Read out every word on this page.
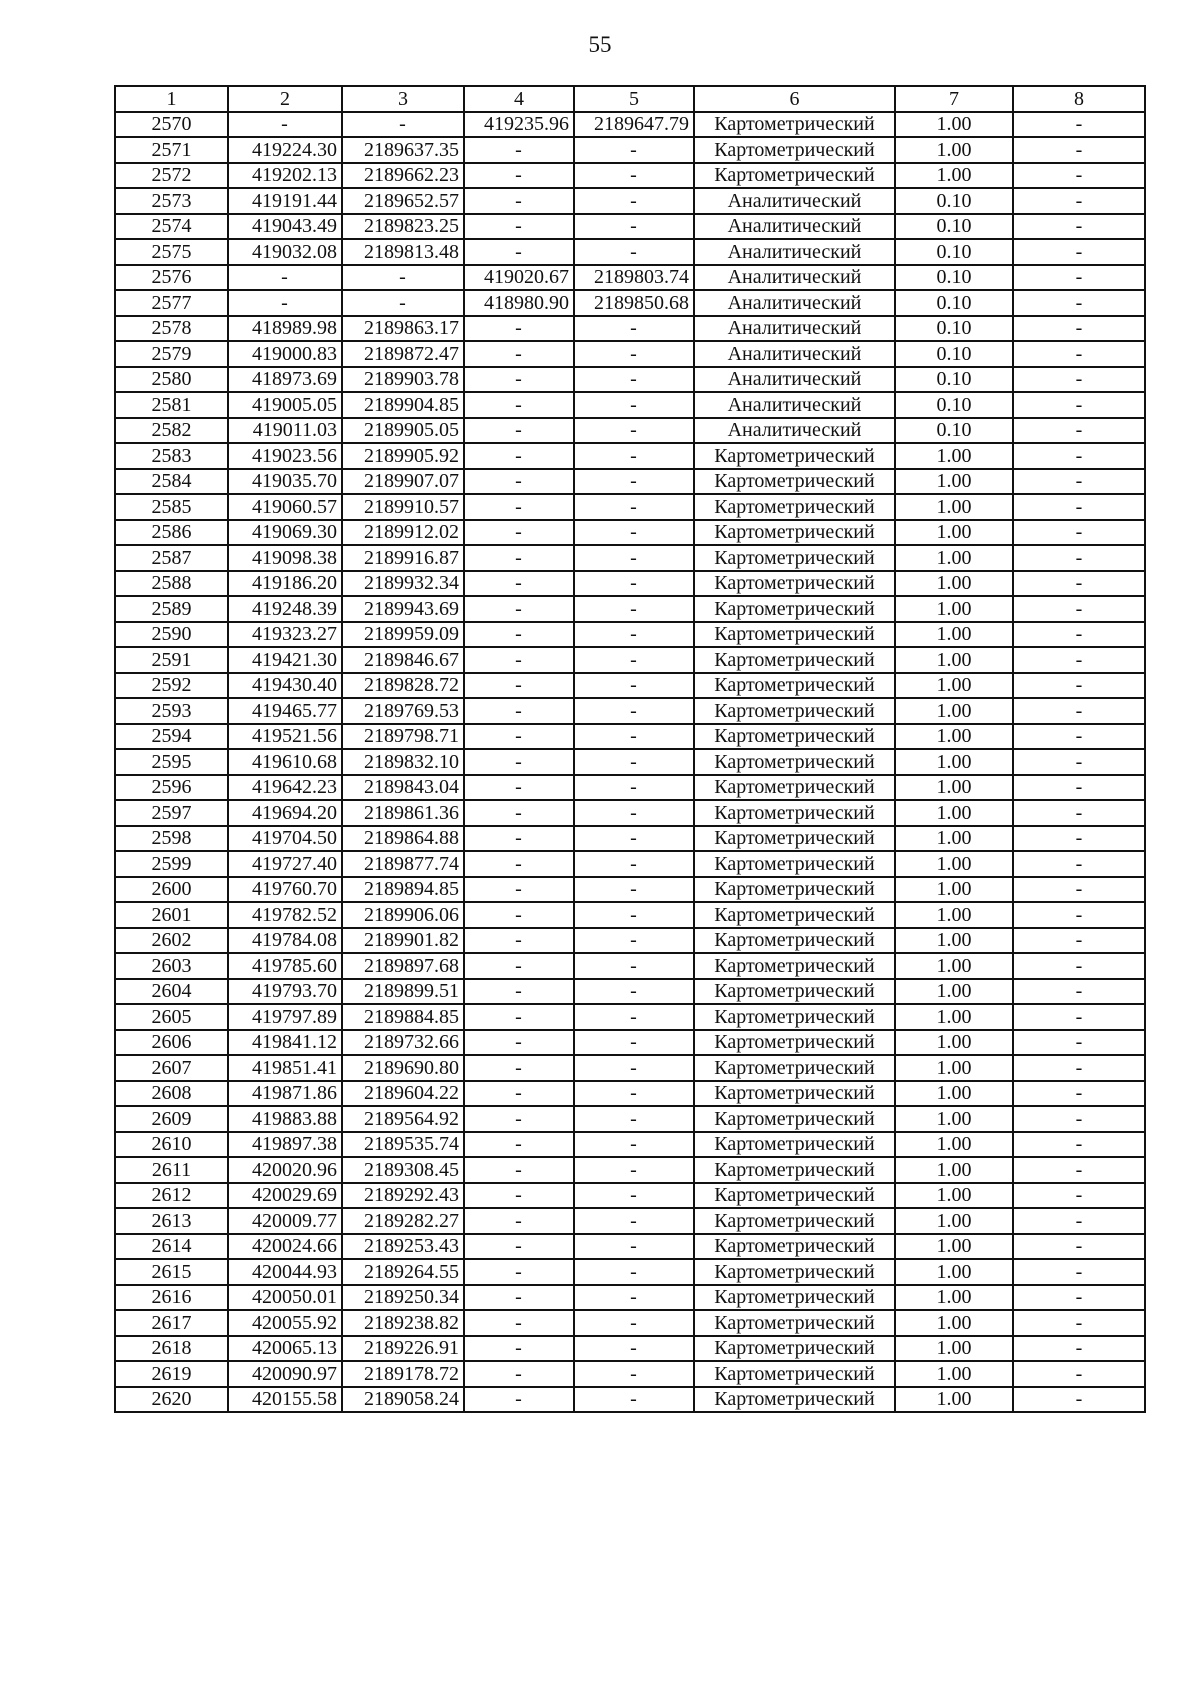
55
1	2	3	4	5	6	7	8
2570	-	-	419235.96	2189647.79	Картометрический	1.00	-
2571	419224.30	2189637.35	-	-	Картометрический	1.00	-
2572	419202.13	2189662.23	-	-	Картометрический	1.00	-
2573	419191.44	2189652.57	-	-	Аналитический	0.10	-
2574	419043.49	2189823.25	-	-	Аналитический	0.10	-
2575	419032.08	2189813.48	-	-	Аналитический	0.10	-
2576	-	-	419020.67	2189803.74	Аналитический	0.10	-
2577	-	-	418980.90	2189850.68	Аналитический	0.10	-
2578	418989.98	2189863.17	-	-	Аналитический	0.10	-
2579	419000.83	2189872.47	-	-	Аналитический	0.10	-
2580	418973.69	2189903.78	-	-	Аналитический	0.10	-
2581	419005.05	2189904.85	-	-	Аналитический	0.10	-
2582	419011.03	2189905.05	-	-	Аналитический	0.10	-
2583	419023.56	2189905.92	-	-	Картометрический	1.00	-
2584	419035.70	2189907.07	-	-	Картометрический	1.00	-
2585	419060.57	2189910.57	-	-	Картометрический	1.00	-
2586	419069.30	2189912.02	-	-	Картометрический	1.00	-
2587	419098.38	2189916.87	-	-	Картометрический	1.00	-
2588	419186.20	2189932.34	-	-	Картометрический	1.00	-
2589	419248.39	2189943.69	-	-	Картометрический	1.00	-
2590	419323.27	2189959.09	-	-	Картометрический	1.00	-
2591	419421.30	2189846.67	-	-	Картометрический	1.00	-
2592	419430.40	2189828.72	-	-	Картометрический	1.00	-
2593	419465.77	2189769.53	-	-	Картометрический	1.00	-
2594	419521.56	2189798.71	-	-	Картометрический	1.00	-
2595	419610.68	2189832.10	-	-	Картометрический	1.00	-
2596	419642.23	2189843.04	-	-	Картометрический	1.00	-
2597	419694.20	2189861.36	-	-	Картометрический	1.00	-
2598	419704.50	2189864.88	-	-	Картометрический	1.00	-
2599	419727.40	2189877.74	-	-	Картометрический	1.00	-
2600	419760.70	2189894.85	-	-	Картометрический	1.00	-
2601	419782.52	2189906.06	-	-	Картометрический	1.00	-
2602	419784.08	2189901.82	-	-	Картометрический	1.00	-
2603	419785.60	2189897.68	-	-	Картометрический	1.00	-
2604	419793.70	2189899.51	-	-	Картометрический	1.00	-
2605	419797.89	2189884.85	-	-	Картометрический	1.00	-
2606	419841.12	2189732.66	-	-	Картометрический	1.00	-
2607	419851.41	2189690.80	-	-	Картометрический	1.00	-
2608	419871.86	2189604.22	-	-	Картометрический	1.00	-
2609	419883.88	2189564.92	-	-	Картометрический	1.00	-
2610	419897.38	2189535.74	-	-	Картометрический	1.00	-
2611	420020.96	2189308.45	-	-	Картометрический	1.00	-
2612	420029.69	2189292.43	-	-	Картометрический	1.00	-
2613	420009.77	2189282.27	-	-	Картометрический	1.00	-
2614	420024.66	2189253.43	-	-	Картометрический	1.00	-
2615	420044.93	2189264.55	-	-	Картометрический	1.00	-
2616	420050.01	2189250.34	-	-	Картометрический	1.00	-
2617	420055.92	2189238.82	-	-	Картометрический	1.00	-
2618	420065.13	2189226.91	-	-	Картометрический	1.00	-
2619	420090.97	2189178.72	-	-	Картометрический	1.00	-
2620	420155.58	2189058.24	-	-	Картометрический	1.00	-
